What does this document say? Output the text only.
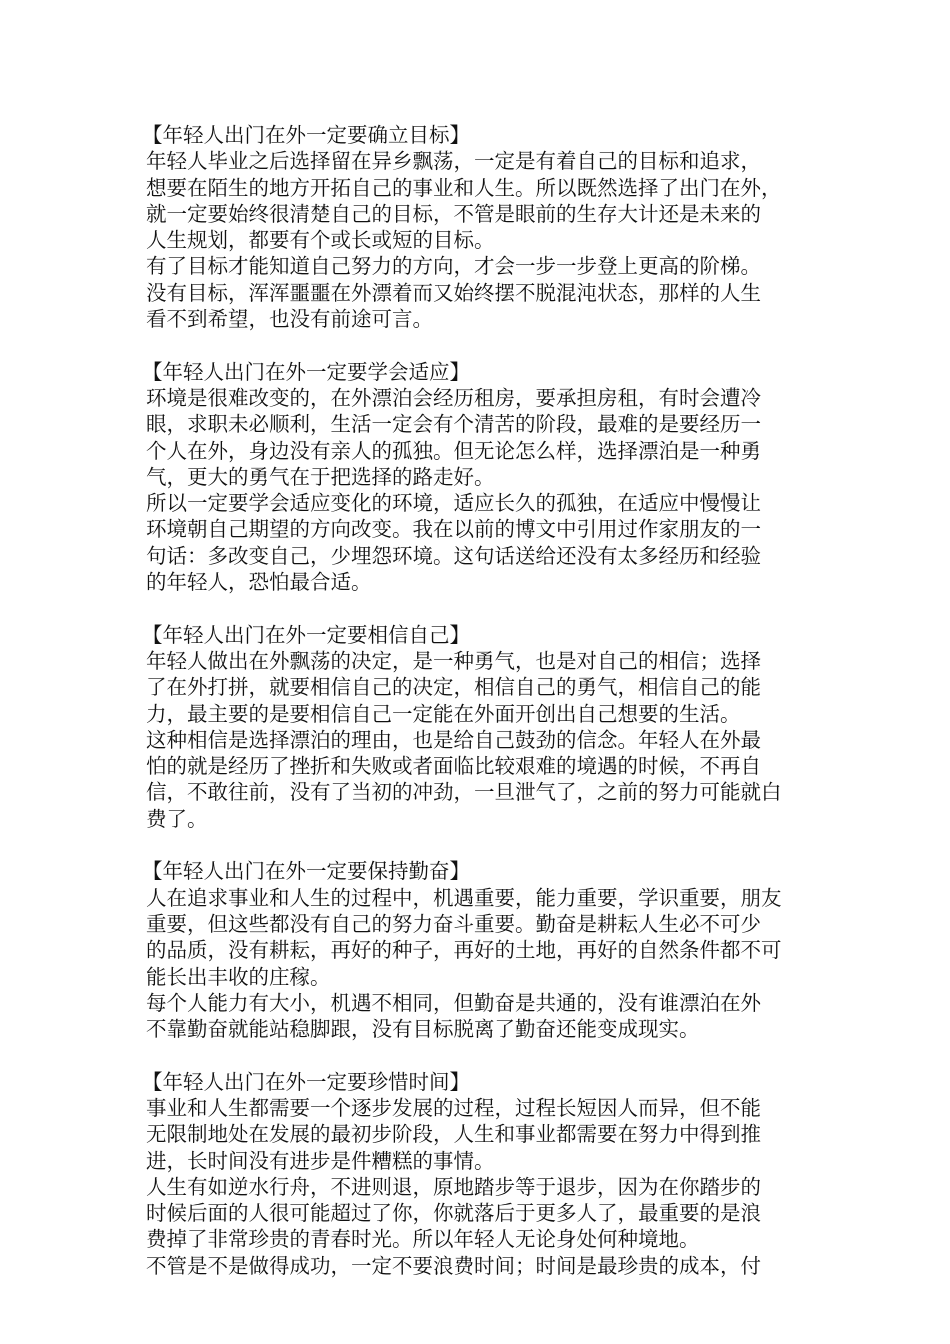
【年轻人出门在外一定要确立目标】

年轻人毕业之后选择留在异乡飘荡，一定是有着自己的目标和追求，
想要在陌生的地方开拓自己的事业和人生。所以既然选择了出门在外，
就一定要始终很清楚自己的目标，不管是眼前的生存大计还是未来的
人生规划，都要有个或长或短的目标。

有了目标才能知道自己努力的方向，才会一步一步登上更高的阶梯。
没有目标，浑浑噩噩在外漂着而又始终摆不脱混沌状态，那样的人生
看不到希望，也没有前途可言。

【年轻人出门在外一定要学会适应】

环境是很难改变的，在外漂泊会经历租房，要承担房租，有时会遭冷
眼，求职未必顺利，生活一定会有个清苦的阶段，最难的是要经历一
个人在外，身边没有亲人的孤独。但无论怎么样，选择漂泊是一种勇
气，更大的勇气在于把选择的路走好。

所以一定要学会适应变化的环境，适应长久的孤独，在适应中慢慢让
环境朝自己期望的方向改变。我在以前的博文中引用过作家朋友的一
句话：多改变自己，少埋怨环境。这句话送给还没有太多经历和经验
的年轻人，恐怕最合适。

【年轻人出门在外一定要相信自己】

年轻人做出在外飘荡的决定，是一种勇气，也是对自己的相信；选择
了在外打拼，就要相信自己的决定，相信自己的勇气，相信自己的能
力，最主要的是要相信自己一定能在外面开创出自己想要的生活。

这种相信是选择漂泊的理由，也是给自己鼓劲的信念。年轻人在外最
怕的就是经历了挫折和失败或者面临比较艰难的境遇的时候，不再自
信，不敢往前，没有了当初的冲劲，一旦泄气了，之前的努力可能就白
费了。

【年轻人出门在外一定要保持勤奋】

人在追求事业和人生的过程中，机遇重要，能力重要，学识重要，朋友
重要，但这些都没有自己的努力奋斗重要。勤奋是耕耘人生必不可少
的品质，没有耕耘，再好的种子，再好的土地，再好的自然条件都不可
能长出丰收的庄稼。

每个人能力有大小，机遇不相同，但勤奋是共通的，没有谁漂泊在外
不靠勤奋就能站稳脚跟，没有目标脱离了勤奋还能变成现实。

【年轻人出门在外一定要珍惜时间】

事业和人生都需要一个逐步发展的过程，过程长短因人而异，但不能
无限制地处在发展的最初步阶段，人生和事业都需要在努力中得到推
进，长时间没有进步是件糟糕的事情。

人生有如逆水行舟，不进则退，原地踏步等于退步，因为在你踏步的
时候后面的人很可能超过了你，你就落后于更多人了，最重要的是浪
费掉了非常珍贵的青春时光。所以年轻人无论身处何种境地。

不管是不是做得成功，一定不要浪费时间；时间是最珍贵的成本，付
